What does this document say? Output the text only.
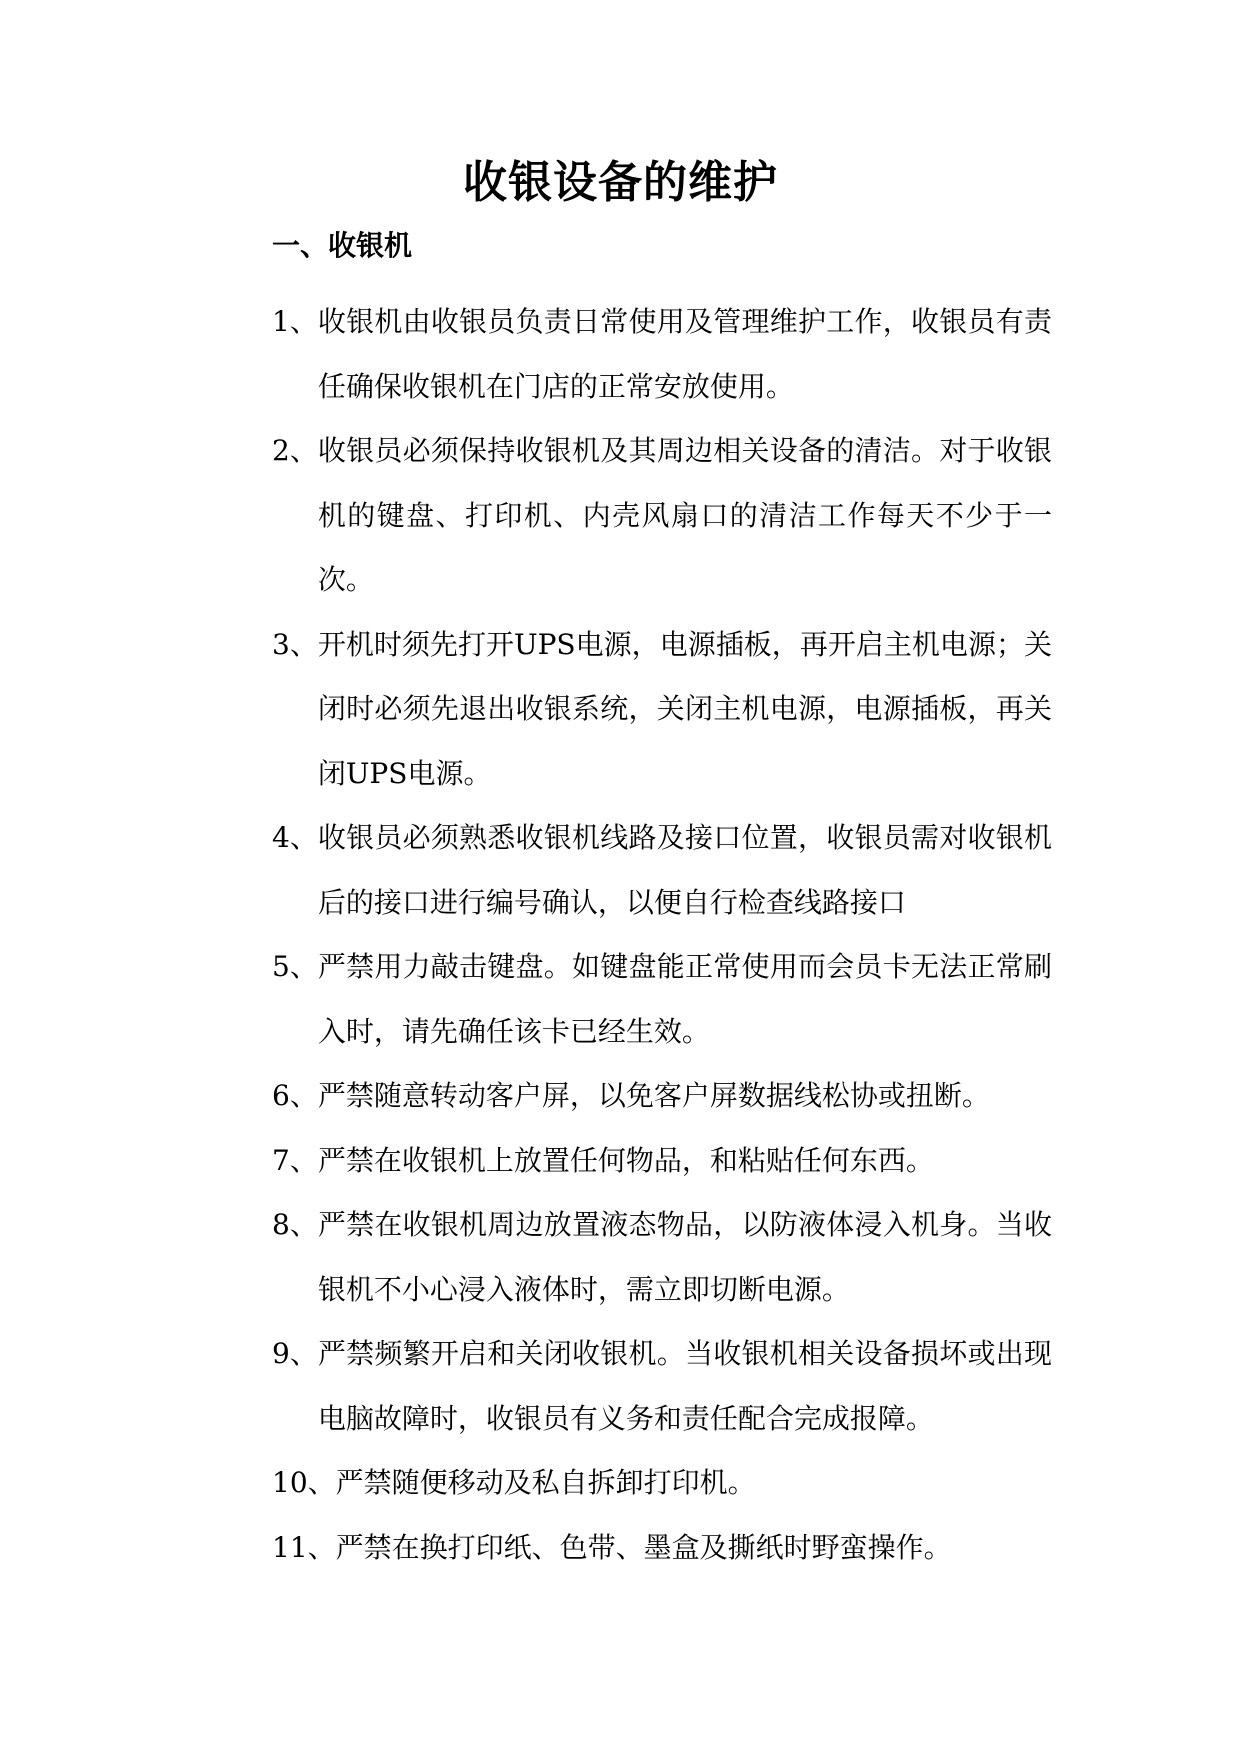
收银设备的维护
一、收银机
1、 收银机由收银员负责日常使用及管理维护工作，收银员有责任确保收银机在门店的正常安放使用。
2、 收银员必须保持收银机及其周边相关设备的清洁。对于收银机的键盘、打印机、内壳风扇口的清洁工作每天不少于一次。
3、 开机时须先打开UPS电源，电源插板，再开启主机电源；关闭时必须先退出收银系统，关闭主机电源，电源插板，再关闭UPS电源。
4、 收银员必须熟悉收银机线路及接口位置，收银员需对收银机后的接口进行编号确认，以便自行检查线路接口
5、 严禁用力敲击键盘。如键盘能正常使用而会员卡无法正常刷入时，请先确任该卡已经生效。
6、 严禁随意转动客户屏，以免客户屏数据线松协或扭断。
7、 严禁在收银机上放置任何物品，和粘贴任何东西。
8、 严禁在收银机周边放置液态物品，以防液体浸入机身。当收银机不小心浸入液体时，需立即切断电源。
9、 严禁频繁开启和关闭收银机。当收银机相关设备损坏或出现电脑故障时，收银员有义务和责任配合完成报障。
10、 严禁随便移动及私自拆卸打印机。
11、 严禁在换打印纸、色带、墨盒及撕纸时野蛮操作。
